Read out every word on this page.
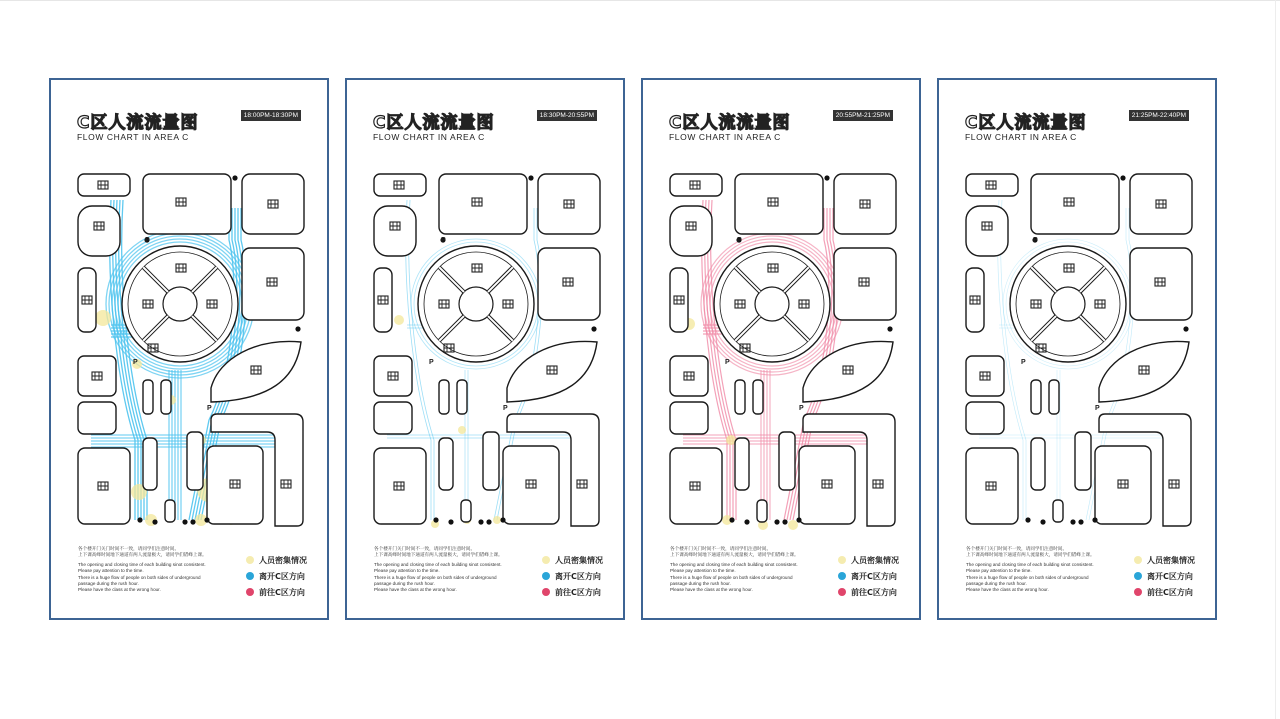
P
P
P
C区人流流量图
FLOW CHART IN AREA C
18:00PM-18:30PM
各个楼开门关门时间不一致，请同学们注意时间。
上下课高峰时间地下通道有两人流量极大，请同学们错峰上课。
The opening and closing time of each building sinot consistent.
Please pay attention to the time.
There is a huge flow of people on both sides of underground
passage during the rush hour.
Please have the class at the wrong hour.
人员密集情况
离开C区方向
前往C区方向
P
P
P
C区人流流量图
FLOW CHART IN AREA C
18:30PM-20:55PM
各个楼开门关门时间不一致，请同学们注意时间。
上下课高峰时间地下通道有两人流量极大，请同学们错峰上课。
The opening and closing time of each building sinot consistent.
Please pay attention to the time.
There is a huge flow of people on both sides of underground
passage during the rush hour.
Please have the class at the wrong hour.
人员密集情况
离开C区方向
前往C区方向
P
P
P
C区人流流量图
FLOW CHART IN AREA C
20:55PM-21:25PM
各个楼开门关门时间不一致，请同学们注意时间。
上下课高峰时间地下通道有两人流量极大，请同学们错峰上课。
The opening and closing time of each building sinot consistent.
Please pay attention to the time.
There is a huge flow of people on both sides of underground
passage during the rush hour.
Please have the class at the wrong hour.
人员密集情况
离开C区方向
前往C区方向
P
P
P
C区人流流量图
FLOW CHART IN AREA C
21:25PM-22:40PM
各个楼开门关门时间不一致，请同学们注意时间。
上下课高峰时间地下通道有两人流量极大，请同学们错峰上课。
The opening and closing time of each building sinot consistent.
Please pay attention to the time.
There is a huge flow of people on both sides of underground
passage during the rush hour.
Please have the class at the wrong hour.
人员密集情况
离开C区方向
前往C区方向
